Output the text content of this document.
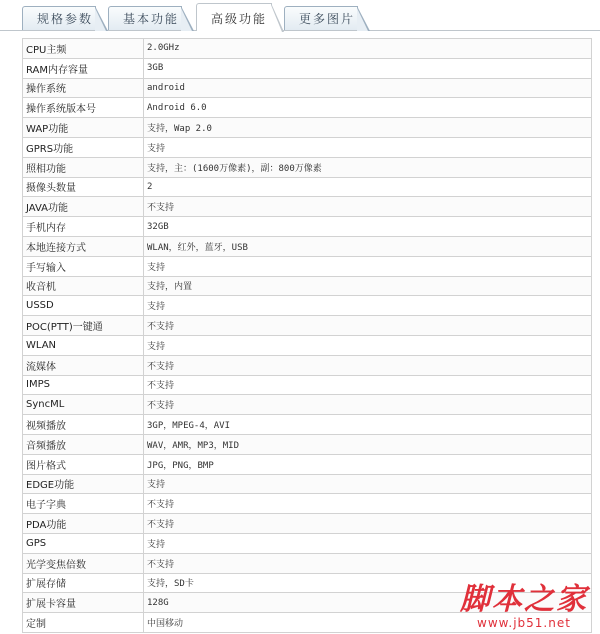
规格参数	基本功能	高级功能	更多图片
CPU主频	2.0GHz
RAM内存容量	3GB
操作系统	android
操作系统版本号	Android 6.0
WAP功能	支持，Wap 2.0
GPRS功能	支持
照相功能	支持，主：(1600万像素)，副：800万像素
摄像头数量	2
JAVA功能	不支持
手机内存	32GB
本地连接方式	WLAN，红外，蓝牙，USB
手写输入	支持
收音机	支持，内置
USSD	支持
POC(PTT)一键通	不支持
WLAN	支持
流媒体	不支持
IMPS	不支持
SyncML	不支持
视频播放	3GP，MPEG-4，AVI
音频播放	WAV，AMR，MP3，MID
图片格式	JPG，PNG，BMP
EDGE功能	支持
电子字典	不支持
PDA功能	不支持
GPS	支持
光学变焦倍数	不支持
扩展存储	支持，SD卡
扩展卡容量	128G
定制	中国移动
脚本之家
www.jb51.net
